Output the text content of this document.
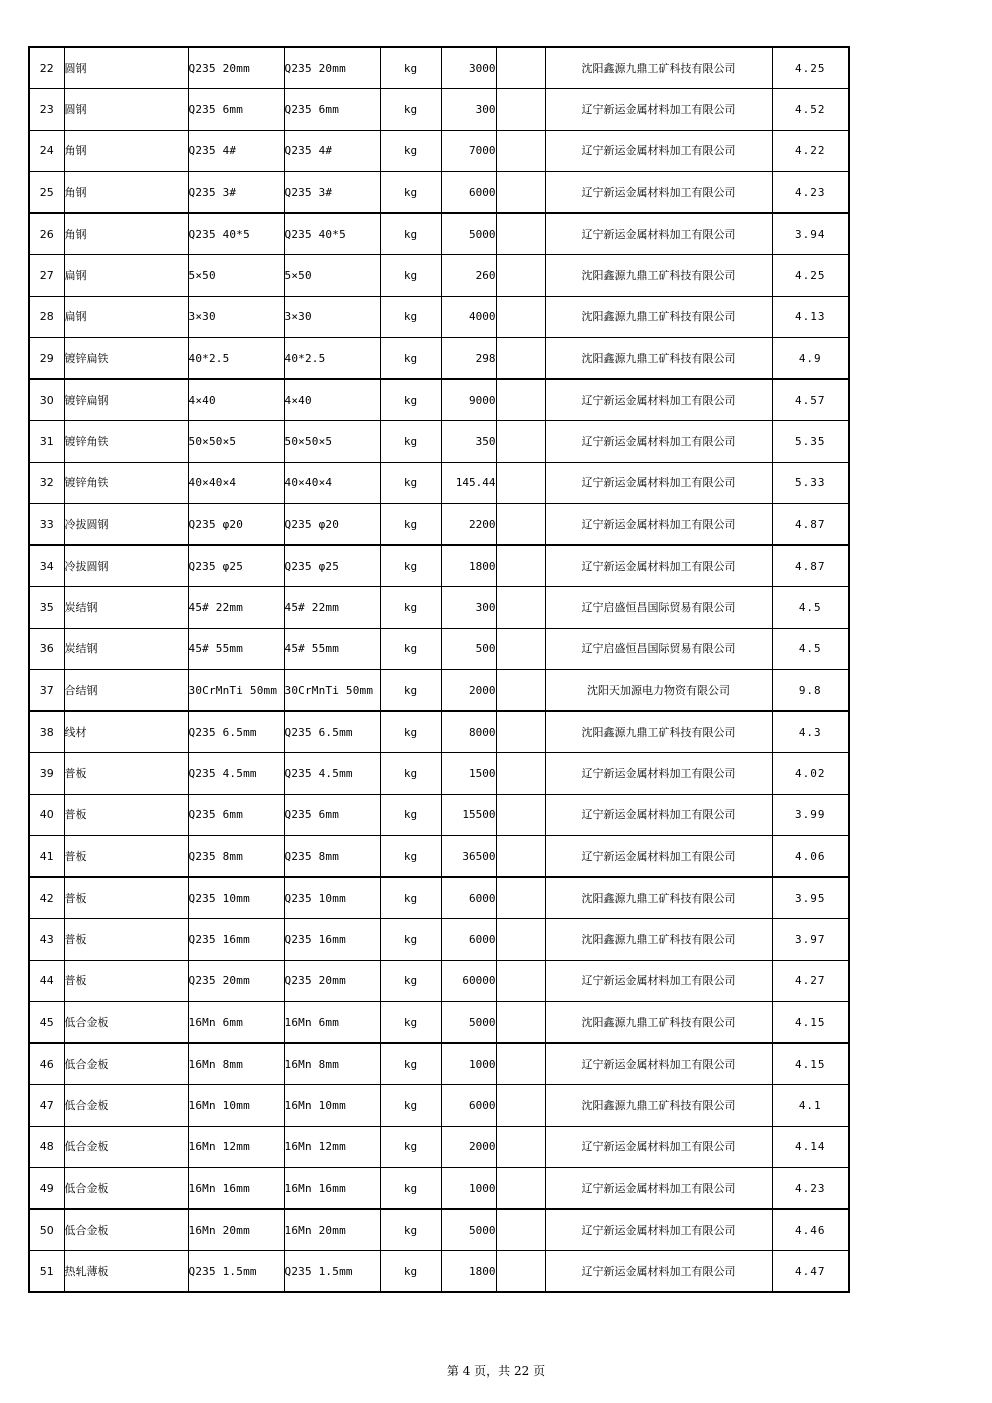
22	圆钢	Q235 20mm	Q235 20mm	kg	3000		沈阳鑫源九鼎工矿科技有限公司	4.25
23	圆钢	Q235 6mm	Q235 6mm	kg	300		辽宁新运金属材料加工有限公司	4.52
24	角钢	Q235 4#	Q235 4#	kg	7000		辽宁新运金属材料加工有限公司	4.22
25	角钢	Q235 3#	Q235 3#	kg	6000		辽宁新运金属材料加工有限公司	4.23
26	角钢	Q235 40*5	Q235 40*5	kg	5000		辽宁新运金属材料加工有限公司	3.94
27	扁钢	5×50	5×50	kg	260		沈阳鑫源九鼎工矿科技有限公司	4.25
28	扁钢	3×30	3×30	kg	4000		沈阳鑫源九鼎工矿科技有限公司	4.13
29	镀锌扁铁	40*2.5	40*2.5	kg	298		沈阳鑫源九鼎工矿科技有限公司	4.9
30	镀锌扁钢	4×40	4×40	kg	9000		辽宁新运金属材料加工有限公司	4.57
31	镀锌角铁	50×50×5	50×50×5	kg	350		辽宁新运金属材料加工有限公司	5.35
32	镀锌角铁	40×40×4	40×40×4	kg	145.44		辽宁新运金属材料加工有限公司	5.33
33	冷拔圆钢	Q235 φ20	Q235 φ20	kg	2200		辽宁新运金属材料加工有限公司	4.87
34	冷拔圆钢	Q235 φ25	Q235 φ25	kg	1800		辽宁新运金属材料加工有限公司	4.87
35	炭结钢	45# 22mm	45# 22mm	kg	300		辽宁启盛恒昌国际贸易有限公司	4.5
36	炭结钢	45# 55mm	45# 55mm	kg	500		辽宁启盛恒昌国际贸易有限公司	4.5
37	合结钢	30CrMnTi 50mm	30CrMnTi 50mm	kg	2000		沈阳天加源电力物资有限公司	9.8
38	线材	Q235 6.5mm	Q235 6.5mm	kg	8000		沈阳鑫源九鼎工矿科技有限公司	4.3
39	普板	Q235 4.5mm	Q235 4.5mm	kg	1500		辽宁新运金属材料加工有限公司	4.02
40	普板	Q235 6mm	Q235 6mm	kg	15500		辽宁新运金属材料加工有限公司	3.99
41	普板	Q235 8mm	Q235 8mm	kg	36500		辽宁新运金属材料加工有限公司	4.06
42	普板	Q235 10mm	Q235 10mm	kg	6000		沈阳鑫源九鼎工矿科技有限公司	3.95
43	普板	Q235 16mm	Q235 16mm	kg	6000		沈阳鑫源九鼎工矿科技有限公司	3.97
44	普板	Q235 20mm	Q235 20mm	kg	60000		辽宁新运金属材料加工有限公司	4.27
45	低合金板	16Mn 6mm	16Mn 6mm	kg	5000		沈阳鑫源九鼎工矿科技有限公司	4.15
46	低合金板	16Mn 8mm	16Mn 8mm	kg	1000		辽宁新运金属材料加工有限公司	4.15
47	低合金板	16Mn 10mm	16Mn 10mm	kg	6000		沈阳鑫源九鼎工矿科技有限公司	4.1
48	低合金板	16Mn 12mm	16Mn 12mm	kg	2000		辽宁新运金属材料加工有限公司	4.14
49	低合金板	16Mn 16mm	16Mn 16mm	kg	1000		辽宁新运金属材料加工有限公司	4.23
50	低合金板	16Mn 20mm	16Mn 20mm	kg	5000		辽宁新运金属材料加工有限公司	4.46
51	热轧薄板	Q235 1.5mm	Q235 1.5mm	kg	1800		辽宁新运金属材料加工有限公司	4.47
第 4 页，共 22 页
